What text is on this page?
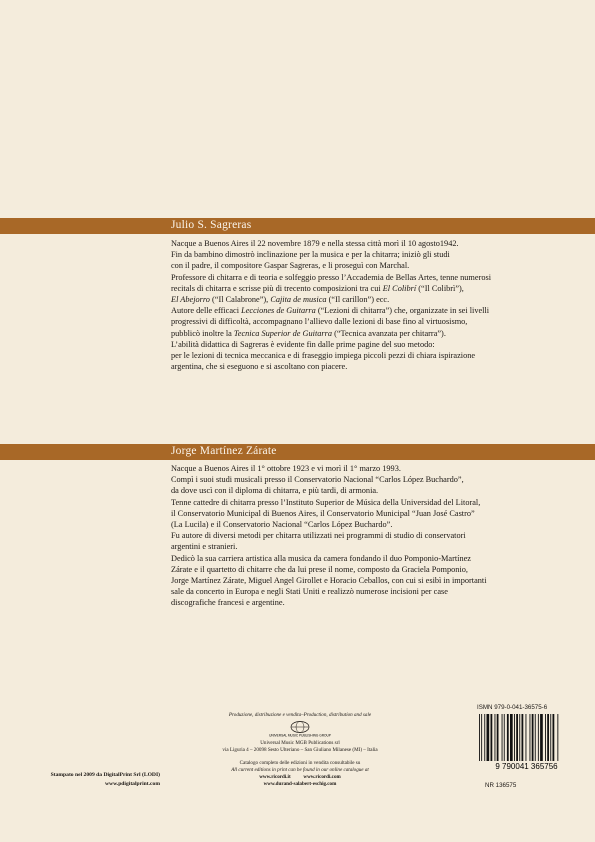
Julio S. Sagreras
Nacque a Buenos Aires il 22 novembre 1879 e nella stessa città morì il 10 agosto1942.
Fin da bambino dimostrò inclinazione per la musica e per la chitarra; iniziò gli studi
con il padre, il compositore Gaspar Sagreras, e li proseguì con Marchal.
Professore di chitarra e di teoria e solfeggio presso l’Accademia de Bellas Artes, tenne numerosi
recitals di chitarra e scrisse più di trecento composizioni tra cui El Colibrí (“Il Colibrì”),
El Abejorro (“Il Calabrone”), Cajita de musica (“Il carillon”) ecc.
Autore delle efficaci Lecciones de Guitarra (“Lezioni di chitarra”) che, organizzate in sei livelli
progressivi di difficoltà, accompagnano l’allievo dalle lezioni di base fino al virtuosismo,
pubblicò inoltre la Tecnica Superior de Guitarra (“Tecnica avanzata per chitarra”).
L’abilità didattica di Sagreras è evidente fin dalle prime pagine del suo metodo:
per le lezioni di tecnica meccanica e di fraseggio impiega piccoli pezzi di chiara ispirazione
argentina, che si eseguono e si ascoltano con piacere.
Jorge Martínez Zárate
Nacque a Buenos Aires il 1° ottobre 1923 e vi morì il 1° marzo 1993.
Compì i suoi studi musicali presso il Conservatorio Nacional “Carlos López Buchardo”,
da dove uscì con il diploma di chitarra, e più tardi, di armonia.
Tenne cattedre di chitarra presso l’Instituto Superior de Música della Universidad del Litoral,
il Conservatorio Municipal di Buenos Aires, il Conservatorio Municipal “Juan José Castro”
(La Lucila) e il Conservatorio Nacional “Carlos López Buchardo”.
Fu autore di diversi metodi per chitarra utilizzati nei programmi di studio di conservatori
argentini e stranieri.
Dedicò la sua carriera artistica alla musica da camera fondando il duo Pomponio-Martínez
Zárate e il quartetto di chitarre che da lui prese il nome, composto da Graciela Pomponio,
Jorge Martínez Zárate, Miguel Angel Girollet e Horacio Ceballos, con cui si esibì in importanti
sale da concerto in Europa e negli Stati Uniti e realizzò numerose incisioni per case
discografiche francesi e argentine.
ISMN 979-0-041-36575-6
9 790041 365756
NR 136575
Stampato nel 2009 da DigitalPrint Srl (LODI)
www.pdigitalprint.com
Produzione, distribuzione e vendita–Production, distribution and sale
UNIVERSAL MUSIC PUBLISHING GROUP
Universal Music MGB Publications srl
via Liguria 4 – 20098 Sesto Ulteriano – San Giuliano Milanese (MI) – Italia
Catalogo completo delle edizioni in vendita consultabile su
All current editions in print can be found in our online catalogue at
www.ricordi.it          www.ricordi.com
www.durand-salabert-eschig.com
